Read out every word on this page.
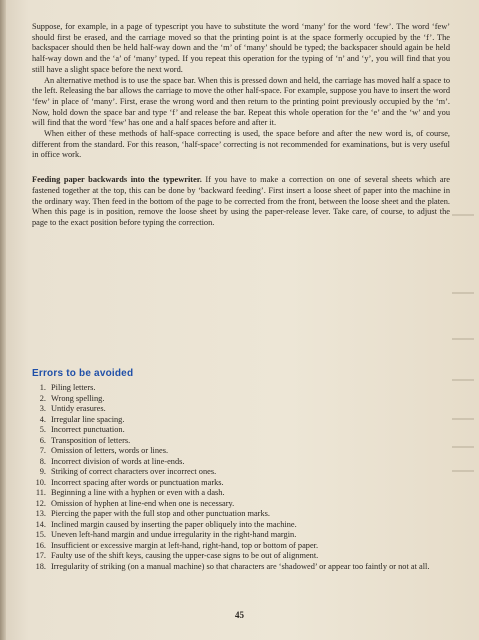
Suppose, for example, in a page of typescript you have to substitute the word ‘many’ for the word ‘few’. The word ‘few’ should first be erased, and the carriage moved so that the printing point is at the space formerly occupied by the ‘f’. The backspacer should then be held half-way down and the ‘m’ of ‘many’ should be typed; the backspacer should again be held half-way down and the ‘a’ of ‘many’ typed. If you repeat this operation for the typing of ‘n’ and ‘y’, you will find that you still have a slight space before the next word.

An alternative method is to use the space bar. When this is pressed down and held, the carriage has moved half a space to the left. Releasing the bar allows the carriage to move the other half-space. For example, suppose you have to insert the word ‘few’ in place of ‘many’. First, erase the wrong word and then return to the printing point previously occupied by the ‘m’. Now, hold down the space bar and type ‘f’ and release the bar. Repeat this whole operation for the ‘e’ and the ‘w’ and you will find that the word ‘few’ has one and a half spaces before and after it.

When either of these methods of half-space correcting is used, the space before and after the new word is, of course, different from the standard. For this reason, ‘half-space’ correcting is not recommended for examinations, but is very useful in office work.

Feeding paper backwards into the typewriter. If you have to make a correction on one of several sheets which are fastened together at the top, this can be done by ‘backward feeding’. First insert a loose sheet of paper into the machine in the ordinary way. Then feed in the bottom of the page to be corrected from the front, between the loose sheet and the platen. When this page is in position, remove the loose sheet by using the paper-release lever. Take care, of course, to adjust the page to the exact position before typing the correction.

Errors to be avoided
1. Piling letters.
2. Wrong spelling.
3. Untidy erasures.
4. Irregular line spacing.
5. Incorrect punctuation.
6. Transposition of letters.
7. Omission of letters, words or lines.
8. Incorrect division of words at line-ends.
9. Striking of correct characters over incorrect ones.
10. Incorrect spacing after words or punctuation marks.
11. Beginning a line with a hyphen or even with a dash.
12. Omission of hyphen at line-end when one is necessary.
13. Piercing the paper with the full stop and other punctuation marks.
14. Inclined margin caused by inserting the paper obliquely into the machine.
15. Uneven left-hand margin and undue irregularity in the right-hand margin.
16. Insufficient or excessive margin at left-hand, right-hand, top or bottom of paper.
17. Faulty use of the shift keys, causing the upper-case signs to be out of alignment.
18. Irregularity of striking (on a manual machine) so that characters are ‘shadowed’ or appear too faintly or not at all.
45
